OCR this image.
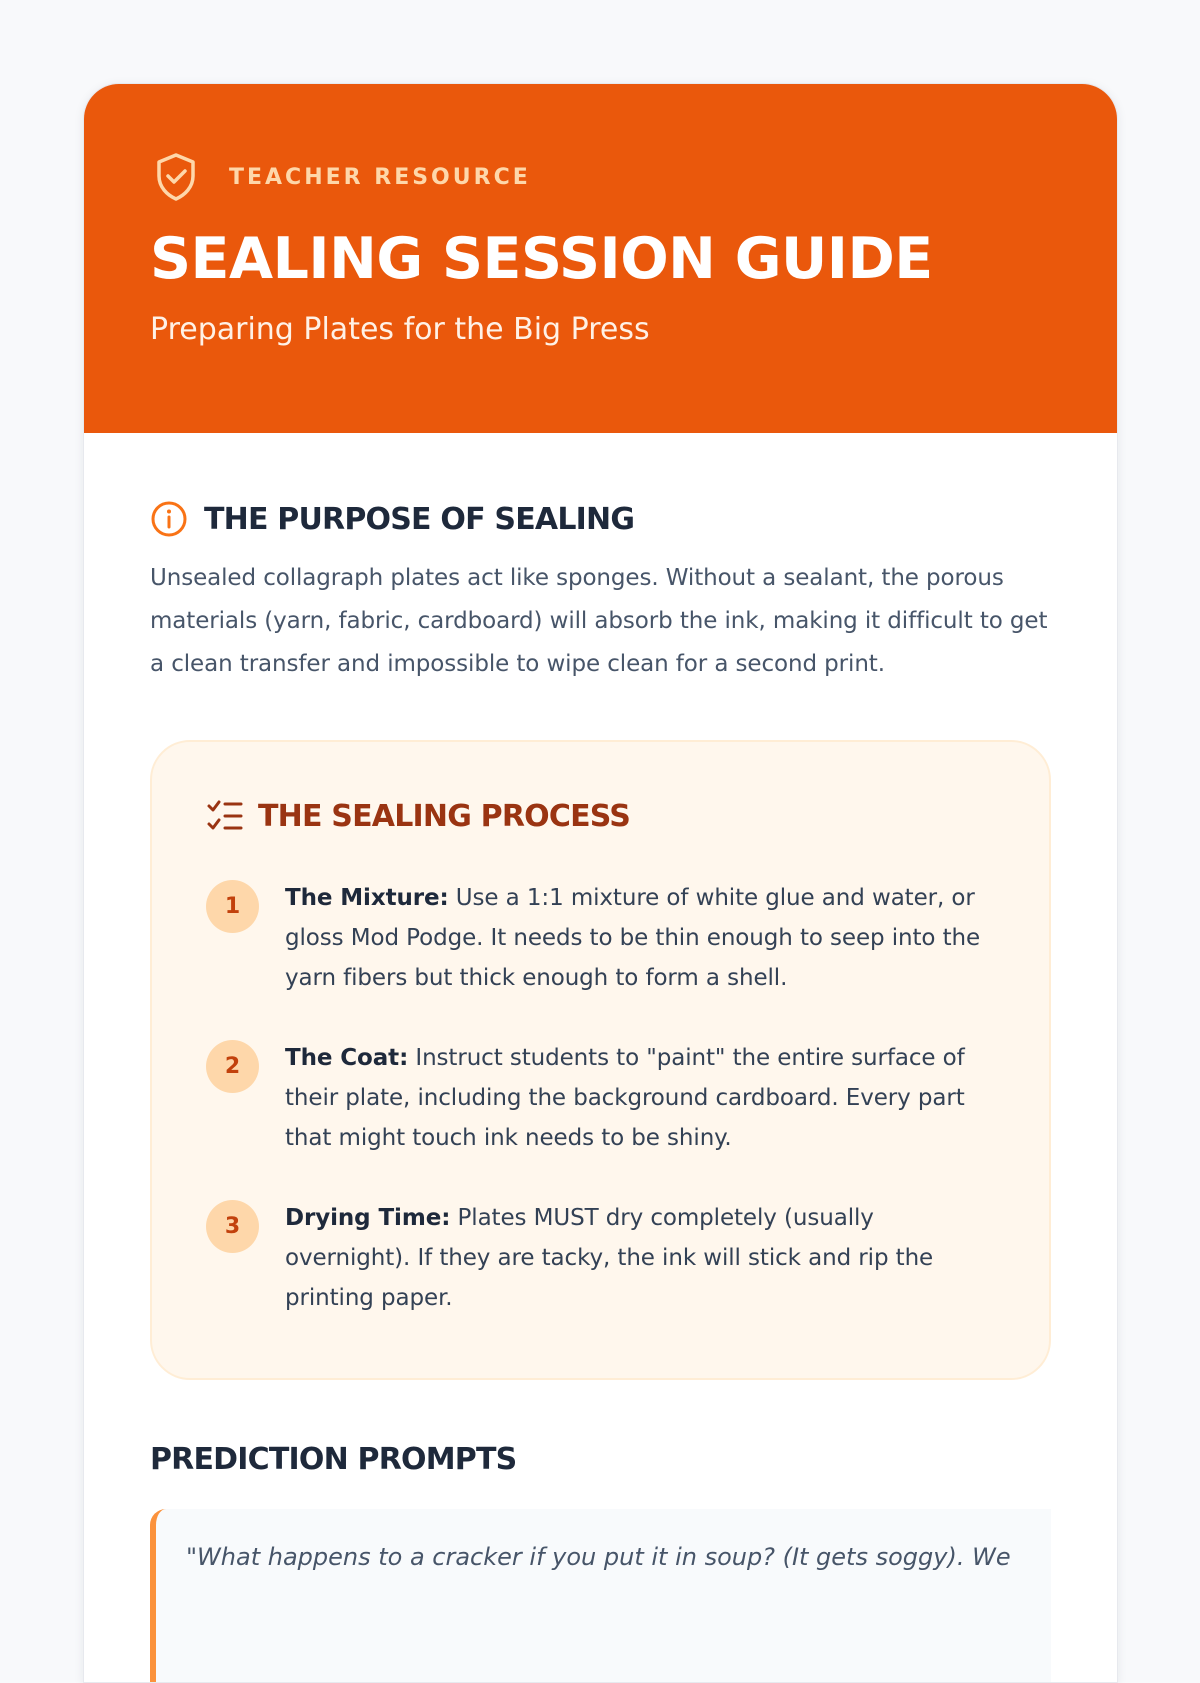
TEACHER RESOURCE
SEALING SESSION GUIDE
Preparing Plates for the Big Press
THE PURPOSE OF SEALING

Unsealed collagraph plates act like sponges. Without a sealant, the porous materials (yarn, fabric, cardboard) will absorb the ink, making it difficult to get a clean transfer and impossible to wipe clean for a second print.

THE SEALING PROCESS
1	The Mixture: Use a 1:1 mixture of white glue and water, or gloss Mod Podge. It needs to be thin enough to seep into the yarn fibers but thick enough to form a shell.
2	The Coat: Instruct students to "paint" the entire surface of their plate, including the background cardboard. Every part that might touch ink needs to be shiny.
3	Drying Time: Plates MUST dry completely (usually overnight). If they are tacky, the ink will stick and rip the printing paper.
PREDICTION PROMPTS
"What happens to a cracker if you put it in soup? (It gets soggy). We
